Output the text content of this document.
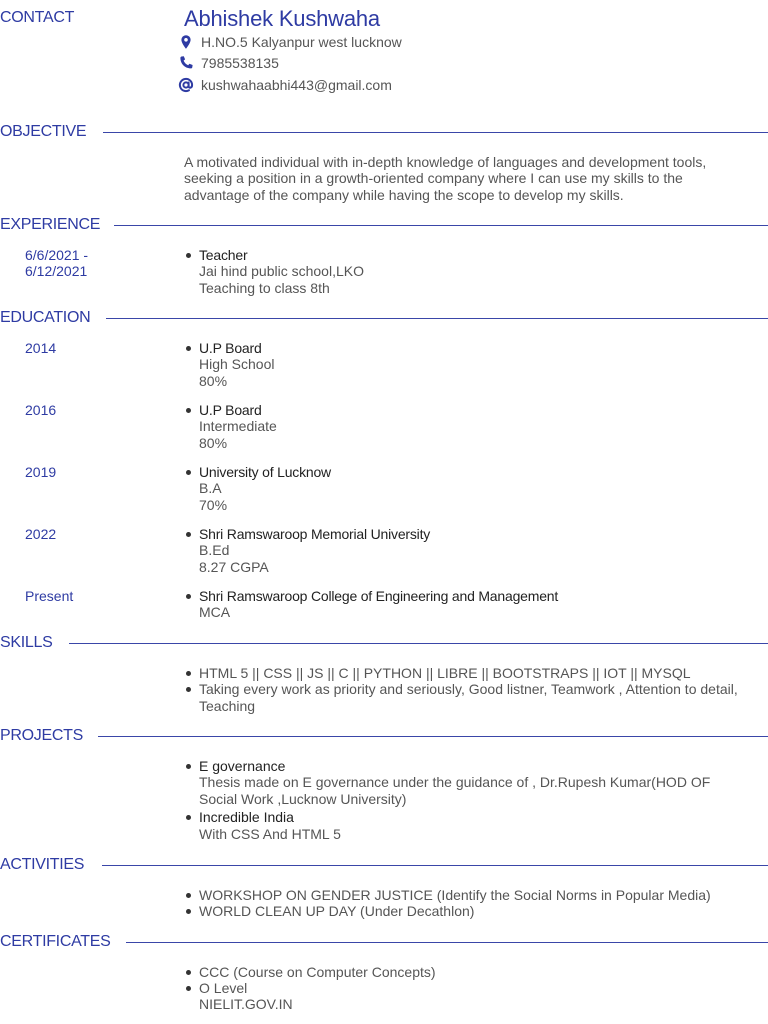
CONTACT	Abhishek Kushwaha
H.NO.5 Kalyanpur west lucknow
7985538135
kushwahaabhi443@gmail.com
OBJECTIVE
A motivated individual with in-depth knowledge of languages and development tools, seeking a position in a growth-oriented company where I can use my skills to the advantage of the company while having the scope to develop my skills.
EXPERIENCE
6/6/2021 - 6/12/2021
Teacher
Jai hind public school,LKO
Teaching to class 8th
EDUCATION
2014	U.P Board
High School
80%
2016	U.P Board
Intermediate
80%
2019	University of Lucknow
B.A
70%
2022	Shri Ramswaroop Memorial University
B.Ed
8.27 CGPA
Present	Shri Ramswaroop College of Engineering and Management
MCA
SKILLS
HTML 5 || CSS || JS || C || PYTHON || LIBRE || BOOTSTRAPS || IOT || MYSQL
Taking every work as priority and seriously, Good listner, Teamwork , Attention to detail, Teaching
PROJECTS
E governance
Thesis made on E governance under the guidance of , Dr.Rupesh Kumar(HOD OF Social Work ,Lucknow University)
Incredible India
With CSS And HTML 5
ACTIVITIES
WORKSHOP ON GENDER JUSTICE (Identify the Social Norms in Popular Media)
WORLD CLEAN UP DAY (Under Decathlon)
CERTIFICATES
CCC (Course on Computer Concepts)
O Level
NIELIT.GOV.IN
